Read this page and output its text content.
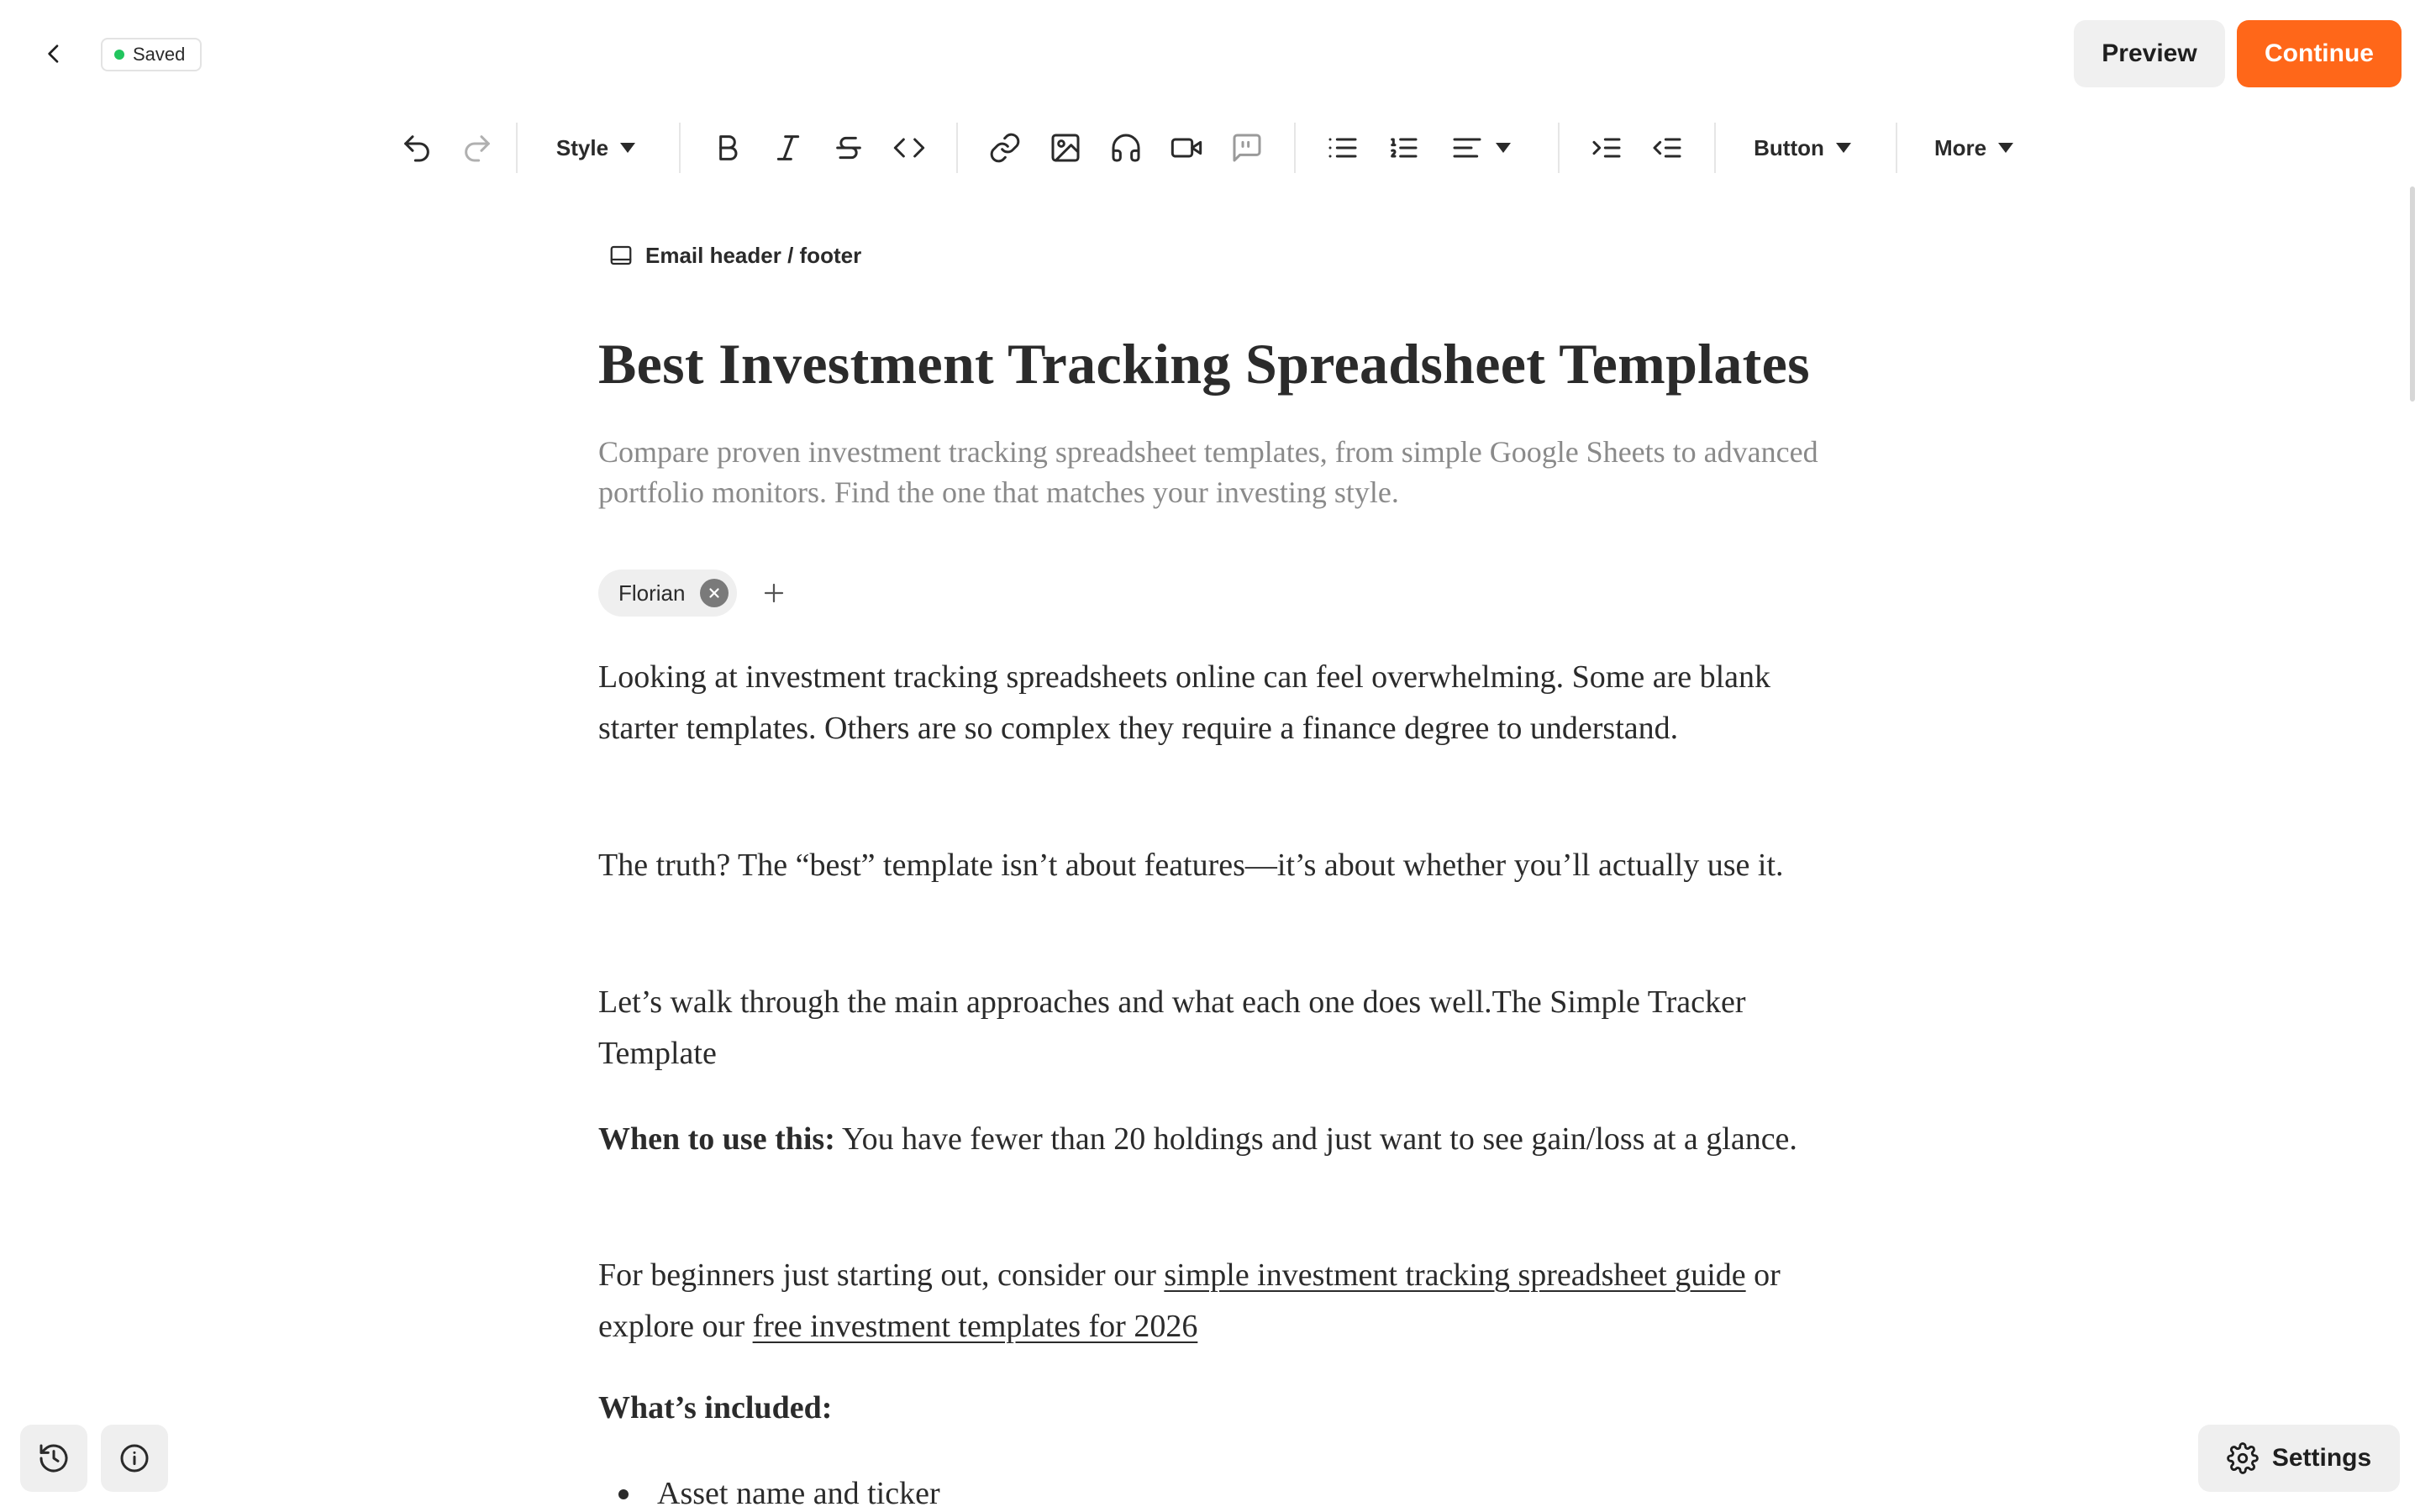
Saved	Preview	Continue
Style	Button	More
Email header / footer
Best Investment Tracking Spreadsheet Templates

Compare proven investment tracking spreadsheet templates, from simple Google Sheets to advanced portfolio monitors. Find the one that matches your investing style.

Florian

Looking at investment tracking spreadsheets online can feel overwhelming. Some are blank starter templates. Others are so complex they require a finance degree to understand.

The truth? The “best” template isn’t about features—it’s about whether you’ll actually use it.

Let’s walk through the main approaches and what each one does well.The Simple Tracker Template

When to use this: You have fewer than 20 holdings and just want to see gain/loss at a glance.

For beginners just starting out, consider our simple investment tracking spreadsheet guide or explore our free investment templates for 2026

What’s included:

Asset name and ticker
Settings
